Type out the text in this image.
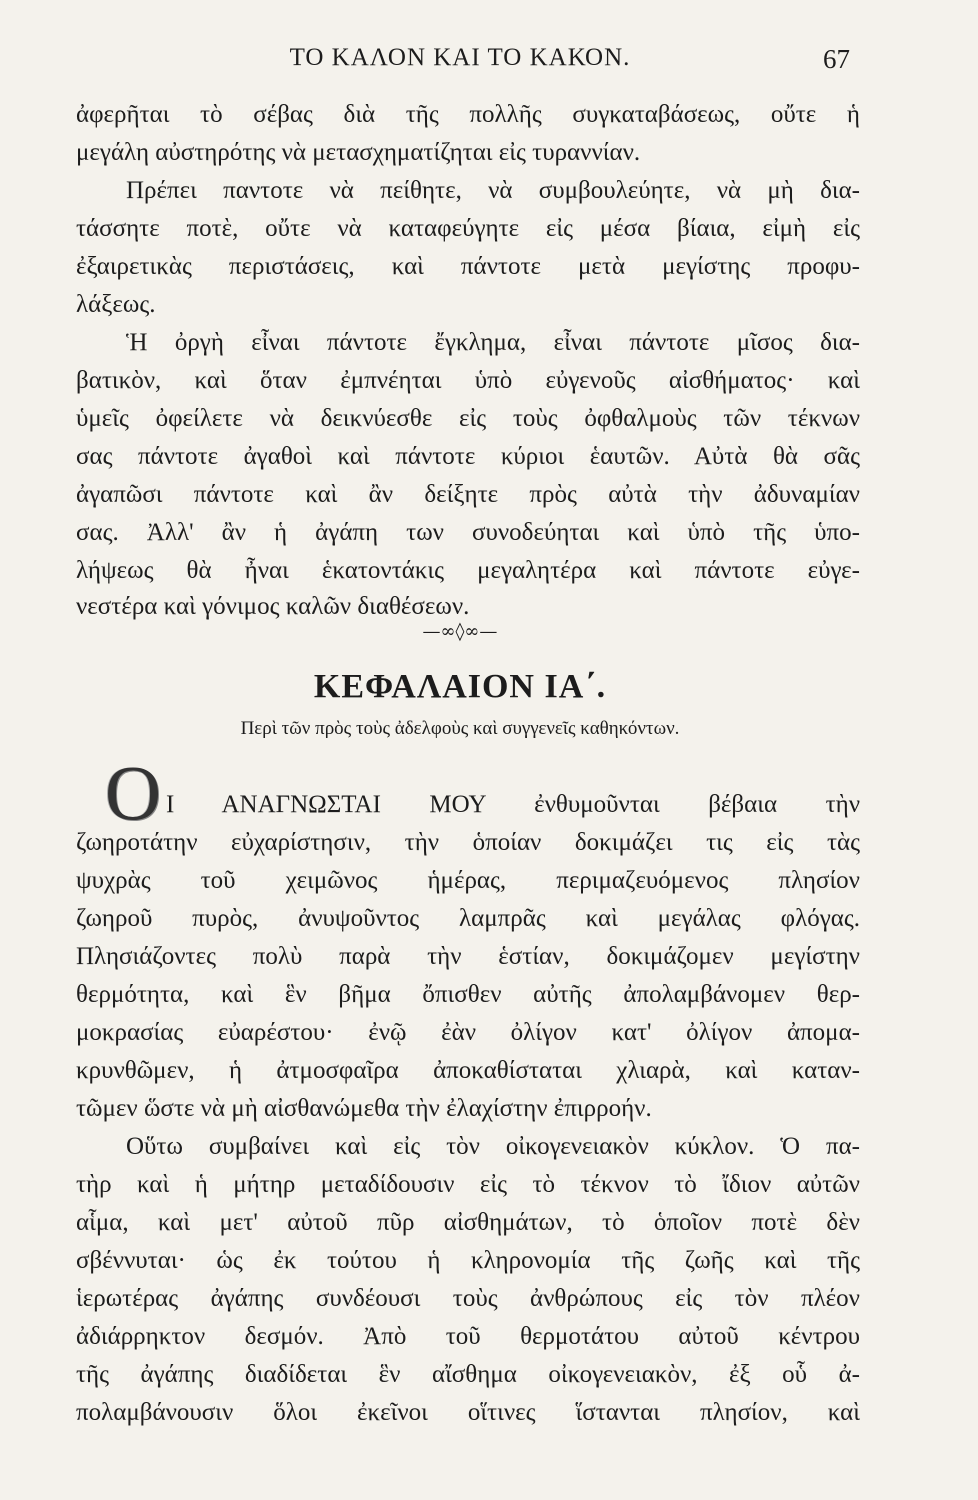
ΤΟ ΚΑΛΟΝ ΚΑΙ ΤΟ ΚΑΚΟΝ.	67
ἀφερῆται τὸ σέβας διὰ τῆς πολλῆς συγκαταβάσεως, οὔτε ἡ
μεγάλη αὐστηρότης νὰ μετασχηματίζηται εἰς τυραννίαν.
Πρέπει παντοτε νὰ πείθητε, νὰ συμβουλεύητε, νὰ μὴ δια-
τάσσητε ποτὲ, οὔτε νὰ καταφεύγητε εἰς μέσα βίαια, εἰμὴ εἰς
ἐξαιρετικὰς περιστάσεις, καὶ πάντοτε μετὰ μεγίστης προφυ-
λάξεως.
Ἡ ὀργὴ εἶναι πάντοτε ἔγκλημα, εἶναι πάντοτε μῖσος δια-
βατικὸν, καὶ ὅταν ἐμπνέηται ὑπὸ εὐγενοῦς αἰσθήματος· καὶ
ὑμεῖς ὀφείλετε νὰ δεικνύεσθε εἰς τοὺς ὀφθαλμοὺς τῶν τέκνων
σας πάντοτε ἀγαθοὶ καὶ πάντοτε κύριοι ἑαυτῶν. Αὐτὰ θὰ σᾶς
ἀγαπῶσι πάντοτε καὶ ἂν δείξητε πρὸς αὐτὰ τὴν ἀδυναμίαν
σας. Ἀλλ' ἂν ἡ ἀγάπη των συνοδεύηται καὶ ὑπὸ τῆς ὑπο-
λήψεως θὰ ἦναι ἑκατοντάκις μεγαλητέρα καὶ πάντοτε εὐγε-
νεστέρα καὶ γόνιμος καλῶν διαθέσεων.
—∞◊∞—
ΚΕΦΑΛΑΙΟΝ ΙΑ΄.
Περὶ τῶν πρὸς τοὺς ἀδελφοὺς καὶ συγγενεῖς καθηκόντων.
Ο Ι ΑΝΑΓΝΩΣΤΑΙ ΜΟΥ ἐνθυμοῦνται βέβαια τὴν
ζωηροτάτην εὐχαρίστησιν, τὴν ὁποίαν δοκιμάζει τις εἰς τὰς
ψυχρὰς τοῦ χειμῶνος ἡμέρας, περιμαζευόμενος πλησίον
ζωηροῦ πυρὸς, ἀνυψοῦντος λαμπρᾶς καὶ μεγάλας φλόγας.
Πλησιάζοντες πολὺ παρὰ τὴν ἑστίαν, δοκιμάζομεν μεγίστην
θερμότητα, καὶ ἓν βῆμα ὄπισθεν αὐτῆς ἀπολαμβάνομεν θερ-
μοκρασίας εὐαρέστου· ἐνῷ ἐὰν ὀλίγον κατ' ὀλίγον ἀπομα-
κρυνθῶμεν, ἡ ἀτμοσφαῖρα ἀποκαθίσταται χλιαρὰ, καὶ καταν-
τῶμεν ὥστε νὰ μὴ αἰσθανώμεθα τὴν ἐλαχίστην ἐπιρροήν.
Οὕτω συμβαίνει καὶ εἰς τὸν οἰκογενειακὸν κύκλον. Ὁ πα-
τὴρ καὶ ἡ μήτηρ μεταδίδουσιν εἰς τὸ τέκνον τὸ ἴδιον αὐτῶν
αἷμα, καὶ μετ' αὐτοῦ πῦρ αἰσθημάτων, τὸ ὁποῖον ποτὲ δὲν
σβέννυται· ὡς ἐκ τούτου ἡ κληρονομία τῆς ζωῆς καὶ τῆς
ἱερωτέρας ἀγάπης συνδέουσι τοὺς ἀνθρώπους εἰς τὸν πλέον
ἀδιάρρηκτον δεσμόν. Ἀπὸ τοῦ θερμοτάτου αὐτοῦ κέντρου
τῆς ἀγάπης διαδίδεται ἓν αἴσθημα οἰκογενειακὸν, ἐξ οὗ ἀ-
πολαμβάνουσιν ὅλοι ἐκεῖνοι οἵτινες ἵστανται πλησίον, καὶ
